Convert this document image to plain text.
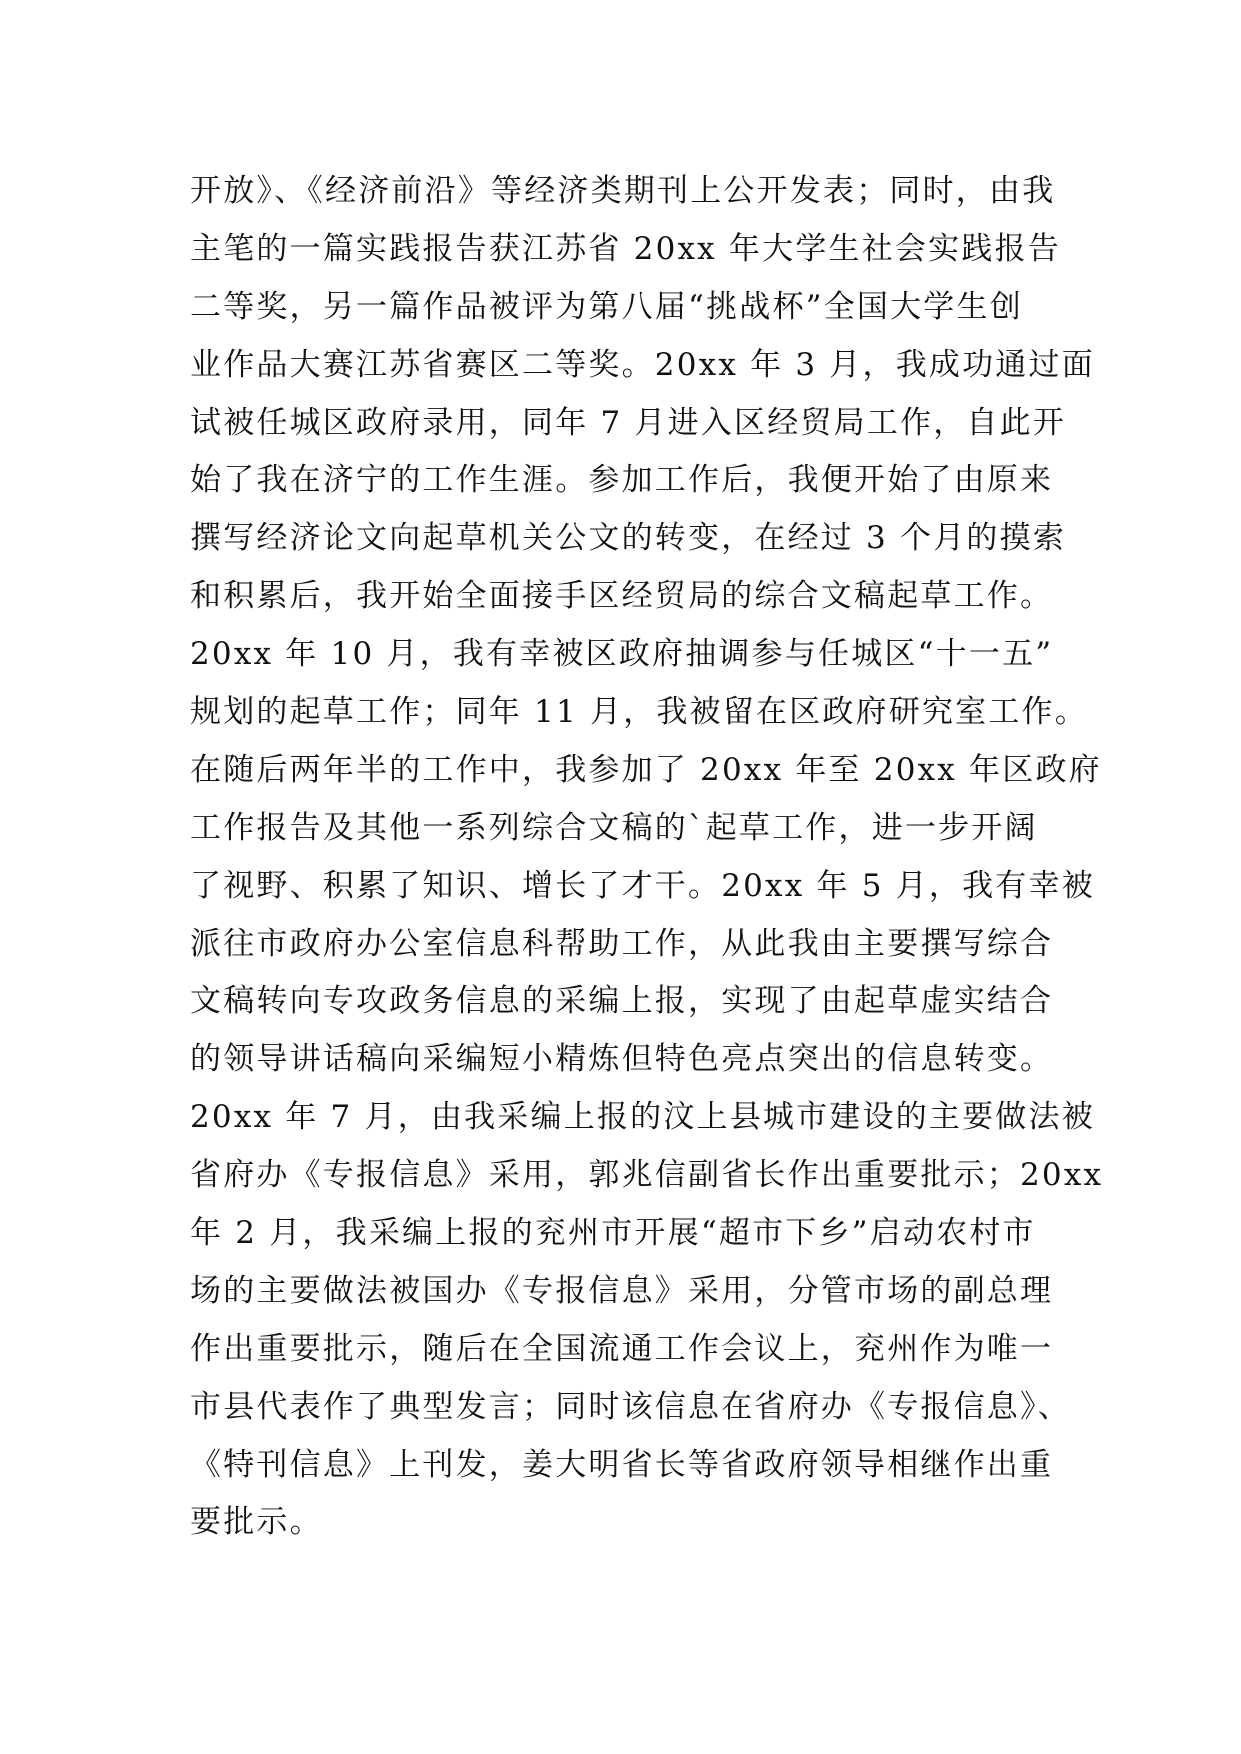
开放》、《经济前沿》等经济类期刊上公开发表；同时，由我
主笔的一篇实践报告获江苏省 20xx 年大学生社会实践报告
二等奖，另一篇作品被评为第八届“挑战杯”全国大学生创
业作品大赛江苏省赛区二等奖。20xx 年 3 月，我成功通过面
试被任城区政府录用，同年 7 月进入区经贸局工作，自此开
始了我在济宁的工作生涯。参加工作后，我便开始了由原来
撰写经济论文向起草机关公文的转变，在经过 3 个月的摸索
和积累后，我开始全面接手区经贸局的综合文稿起草工作。
20xx 年 10 月，我有幸被区政府抽调参与任城区“十一五”
规划的起草工作；同年 11 月，我被留在区政府研究室工作。
在随后两年半的工作中，我参加了 20xx 年至 20xx 年区政府
工作报告及其他一系列综合文稿的`起草工作，进一步开阔
了视野、积累了知识、增长了才干。20xx 年 5 月，我有幸被
派往市政府办公室信息科帮助工作，从此我由主要撰写综合
文稿转向专攻政务信息的采编上报，实现了由起草虚实结合
的领导讲话稿向采编短小精炼但特色亮点突出的信息转变。
20xx 年 7 月，由我采编上报的汶上县城市建设的主要做法被
省府办《专报信息》采用，郭兆信副省长作出重要批示；20xx
年 2 月，我采编上报的兖州市开展“超市下乡”启动农村市
场的主要做法被国办《专报信息》采用，分管市场的副总理
作出重要批示，随后在全国流通工作会议上，兖州作为唯一
市县代表作了典型发言；同时该信息在省府办《专报信息》、
《特刊信息》上刊发，姜大明省长等省政府领导相继作出重
要批示。
